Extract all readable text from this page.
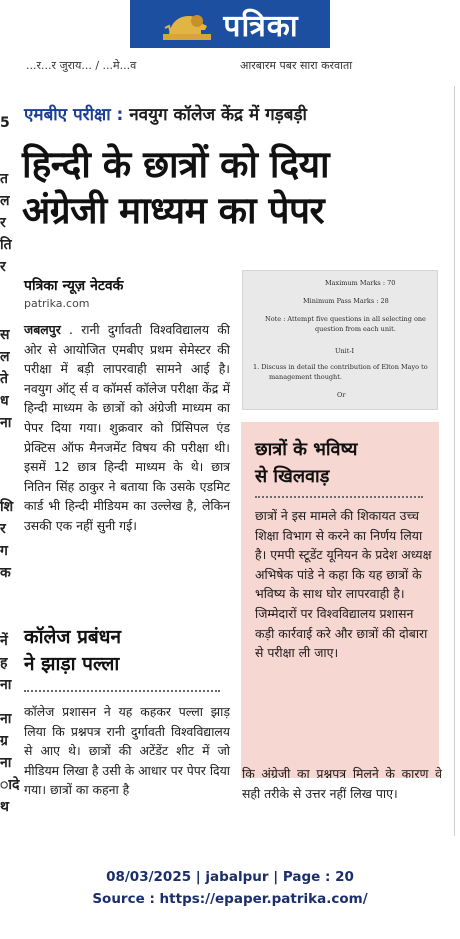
पत्रिका
...र...र जुराय... / ...मे...व	आरबारम पबर सारा करवाता
5
त
ल
र
ति
र
स
ल
ते
ध
ना
शि
र
ग
क
नें
ह
ना
ना
ग्र
ना
ादे
थ
एमबीए परीक्षा : नवयुग कॉलेज केंद्र में गड़बड़ी
हिन्दी के छात्रों को दिया
अंग्रेजी माध्यम का पेपर
पत्रिका न्यूज़ नेटवर्क
patrika.com
जबलपुर . रानी दुर्गावती विश्वविद्यालय की ओर से आयोजित एमबीए प्रथम सेमेस्टर की परीक्षा में बड़ी लापरवाही सामने आई है। नवयुग ऑट् र्स व कॉमर्स कॉलेज परीक्षा केंद्र में हिन्दी माध्यम के छात्रों को अंग्रेजी माध्यम का पेपर दिया गया। शुक्रवार को प्रिंसिपल एंड प्रेक्टिस ऑफ मैनजमेंट विषय की परीक्षा थी। इसमें 12 छात्र हिन्दी माध्यम के थे। छात्र नितिन सिंह ठाकुर ने बताया कि उसके एडमिट कार्ड भी हिन्दी मीडियम का उल्लेख है, लेकिन उसकी एक नहीं सुनी गई।
कॉलेज प्रबंधन
ने झाड़ा पल्ला
कॉलेज प्रशासन ने यह कहकर पल्ला झाड़ लिया कि प्रश्नपत्र रानी दुर्गावती विश्वविद्यालय से आए थे। छात्रों की अटेंडेंट शीट में जो मीडियम लिखा है उसी के आधार पर पेपर दिया गया। छात्रों का कहना है
Maximum Marks : 70
Minimum Pass Marks : 28
Note : Attempt five questions in all selecting one
question from each unit.
Unit-I
1. Discuss in detail the contribution of Elton Mayo to
management thought.
Or
छात्रों के भविष्य
से खिलवाड़
छात्रों ने इस मामले की शिकायत उच्च शिक्षा विभाग से करने का निर्णय लिया है। एमपी स्टूडेंट यूनियन के प्रदेश अध्यक्ष अभिषेक पांडे ने कहा कि यह छात्रों के भविष्य के साथ घोर लापरवाही है। जिम्मेदारों पर विश्वविद्यालय प्रशासन कड़ी कार्रवाई करे और छात्रों की दोबारा से परीक्षा ली जाए।
कि अंग्रेजी का प्रश्नपत्र मिलने के कारण वे सही तरीके से उत्तर नहीं लिख पाए।
08/03/2025 | jabalpur | Page : 20
Source : https://epaper.patrika.com/
